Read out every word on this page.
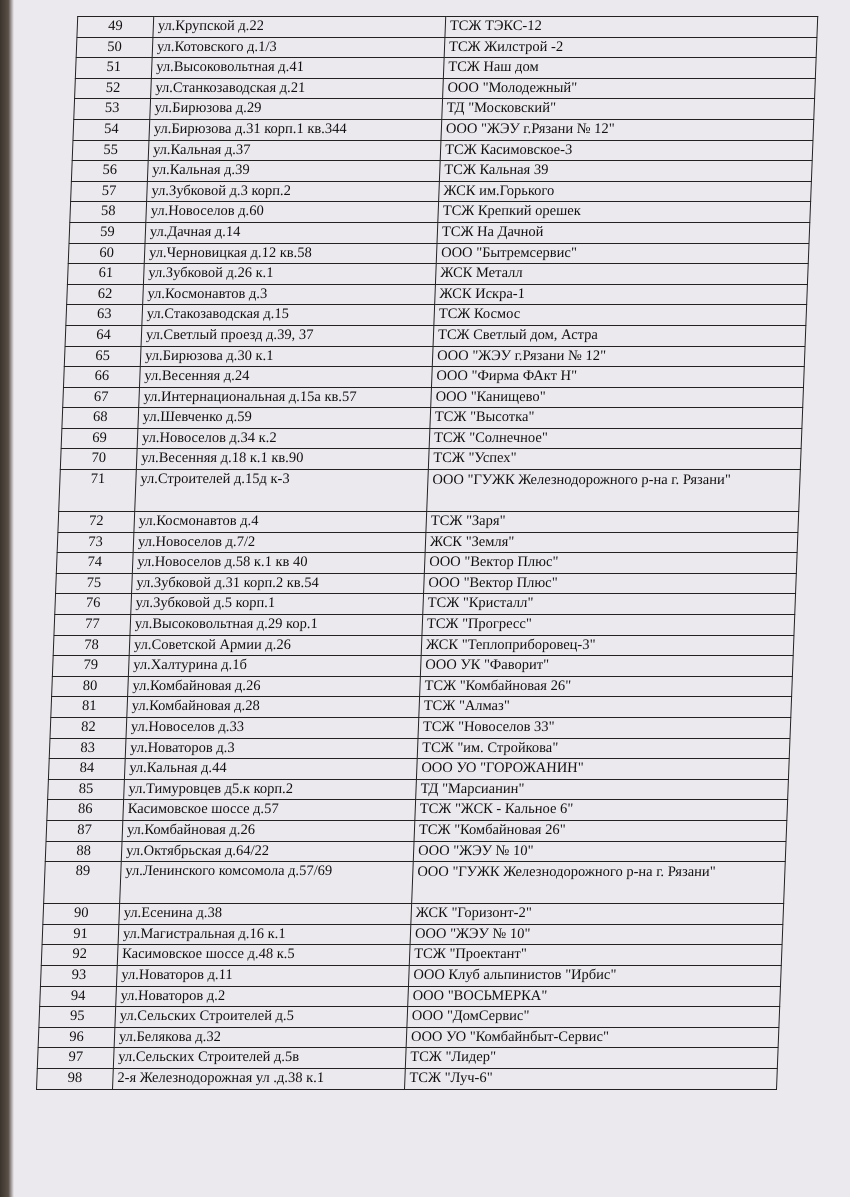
49	ул.Крупской д.22	ТСЖ ТЭКС-12
50	ул.Котовского д.1/3	ТСЖ Жилстрой -2
51	ул.Высоковольтная д.41	ТСЖ Наш дом
52	ул.Станкозаводская д.21	ООО "Молодежный"
53	ул.Бирюзова д.29	ТД "Московский"
54	ул.Бирюзова д.31 корп.1 кв.344	ООО "ЖЭУ г.Рязани № 12"
55	ул.Кальная д.37	ТСЖ Касимовское-3
56	ул.Кальная д.39	ТСЖ Кальная 39
57	ул.Зубковой д.3 корп.2	ЖСК им.Горького
58	ул.Новоселов д.60	ТСЖ Крепкий орешек
59	ул.Дачная д.14	ТСЖ На Дачной
60	ул.Черновицкая д.12 кв.58	ООО "Бытремсервис"
61	ул.Зубковой д.26 к.1	ЖСК Металл
62	ул.Космонавтов д.3	ЖСК Искра-1
63	ул.Стакозаводская д.15	ТСЖ Космос
64	ул.Светлый проезд д.39, 37	ТСЖ Светлый дом, Астра
65	ул.Бирюзова д.30 к.1	ООО "ЖЭУ г.Рязани № 12"
66	ул.Весенняя д.24	ООО "Фирма ФАкт Н"
67	ул.Интернациональная д.15а кв.57	ООО "Канищево"
68	ул.Шевченко д.59	ТСЖ "Высотка"
69	ул.Новоселов д.34 к.2	ТСЖ "Солнечное"
70	ул.Весенняя д.18 к.1 кв.90	ТСЖ "Успех"
71	ул.Строителей д.15д к-3	ООО "ГУЖК Железнодорожного р-на г. Рязани"
72	ул.Космонавтов д.4	ТСЖ "Заря"
73	ул.Новоселов д.7/2	ЖСК "Земля"
74	ул.Новоселов д.58 к.1 кв 40	ООО "Вектор Плюс"
75	ул.Зубковой д.31 корп.2 кв.54	ООО "Вектор Плюс"
76	ул.Зубковой д.5 корп.1	ТСЖ "Кристалл"
77	ул.Высоковольтная д.29 кор.1	ТСЖ "Прогресс"
78	ул.Советской Армии д.26	ЖСК "Теплоприборовец-3"
79	ул.Халтурина д.1б	ООО УК "Фаворит"
80	ул.Комбайновая д.26	ТСЖ "Комбайновая 26"
81	ул.Комбайновая д.28	ТСЖ "Алмаз"
82	ул.Новоселов д.33	ТСЖ "Новоселов 33"
83	ул.Новаторов д.3	ТСЖ "им. Стройкова"
84	ул.Кальная д.44	ООО УО "ГОРОЖАНИН"
85	ул.Тимуровцев д5.к корп.2	ТД "Марсианин"
86	Касимовское шоссе д.57	ТСЖ "ЖСК - Кальное 6"
87	ул.Комбайновая д.26	ТСЖ "Комбайновая 26"
88	ул.Октябрьская д.64/22	ООО "ЖЭУ № 10"
89	ул.Ленинского комсомола д.57/69	ООО "ГУЖК Железнодорожного р-на г. Рязани"
90	ул.Есенина д.38	ЖСК "Горизонт-2"
91	ул.Магистральная д.16 к.1	ООО "ЖЭУ № 10"
92	Касимовское шоссе д.48 к.5	ТСЖ "Проектант"
93	ул.Новаторов д.11	ООО Клуб альпинистов "Ирбис"
94	ул.Новаторов д.2	ООО "ВОСЬМЕРКА"
95	ул.Сельских Строителей д.5	ООО "ДомСервис"
96	ул.Белякова д.32	ООО УО "Комбайнбыт-Сервис"
97	ул.Сельских Строителей д.5в	ТСЖ "Лидер"
98	2-я Железнодорожная ул .д.38 к.1	ТСЖ "Луч-6"
